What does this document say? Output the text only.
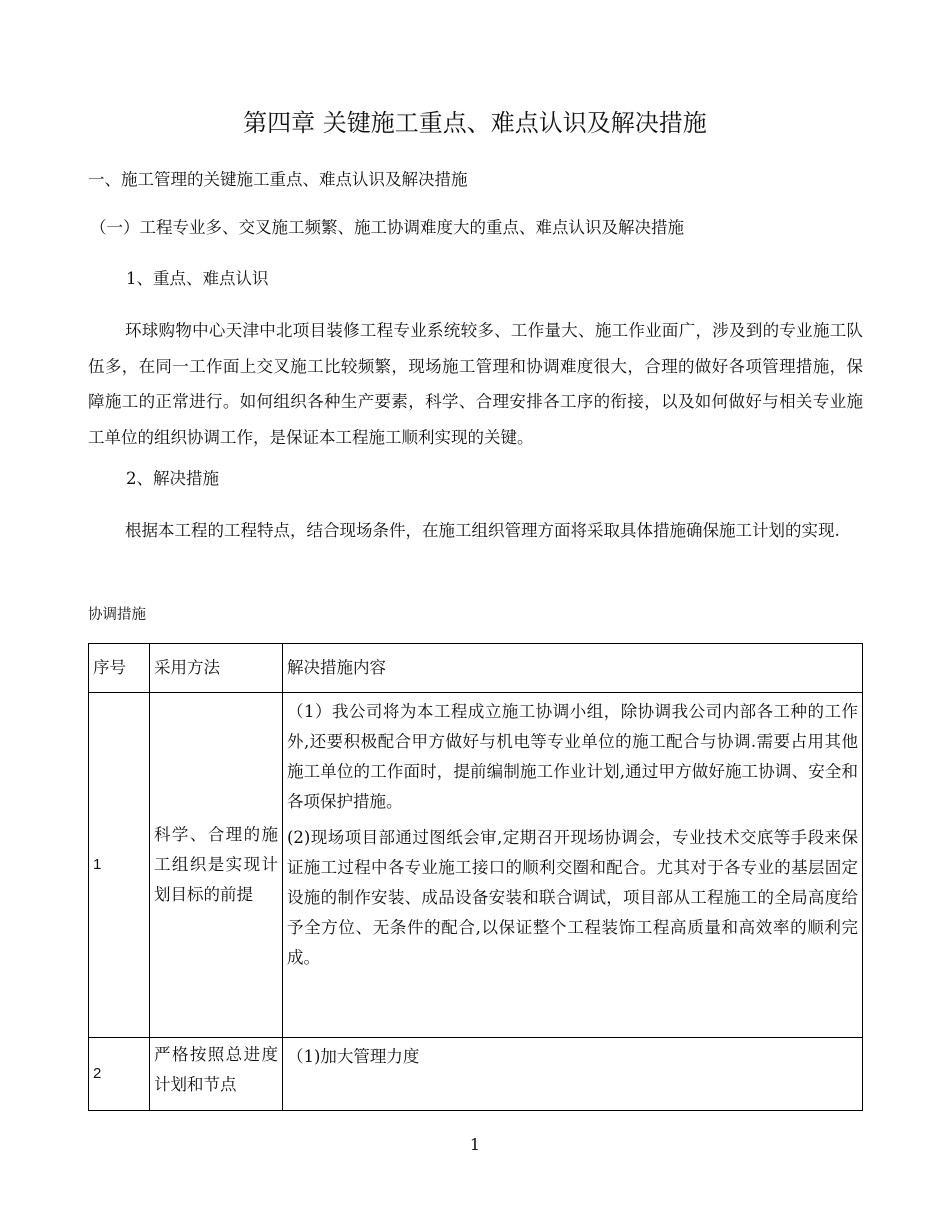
第四章 关键施工重点、难点认识及解决措施

一、施工管理的关键施工重点、难点认识及解决措施

（一）工程专业多、交叉施工频繁、施工协调难度大的重点、难点认识及解决措施

1、重点、难点认识

环球购物中心天津中北项目装修工程专业系统较多、工作量大、施工作业面广，涉及到的专业施工队伍多，在同一工作面上交叉施工比较频繁，现场施工管理和协调难度很大，合理的做好各项管理措施，保障施工的正常进行。如何组织各种生产要素，科学、合理安排各工序的衔接，以及如何做好与相关专业施工单位的组织协调工作，是保证本工程施工顺利实现的关键。

2、解决措施

根据本工程的工程特点，结合现场条件，在施工组织管理方面将采取具体措施确保施工计划的实现.

协调措施

序号	采用方法	解决措施内容
1	科学、合理的施工组织是实现计划目标的前提	（1）我公司将为本工程成立施工协调小组，除协调我公司内部各工种的工作外,还要积极配合甲方做好与机电等专业单位的施工配合与协调.需要占用其他施工单位的工作面时，提前编制施工作业计划,通过甲方做好施工协调、安全和各项保护措施。

(2)现场项目部通过图纸会审,定期召开现场协调会，专业技术交底等手段来保证施工过程中各专业施工接口的顺利交圈和配合。尤其对于各专业的基层固定设施的制作安装、成品设备安装和联合调试，项目部从工程施工的全局高度给予全方位、无条件的配合,以保证整个工程装饰工程高质量和高效率的顺利完成。

2	严格按照总进度计划和节点	（1)加大管理力度

1
